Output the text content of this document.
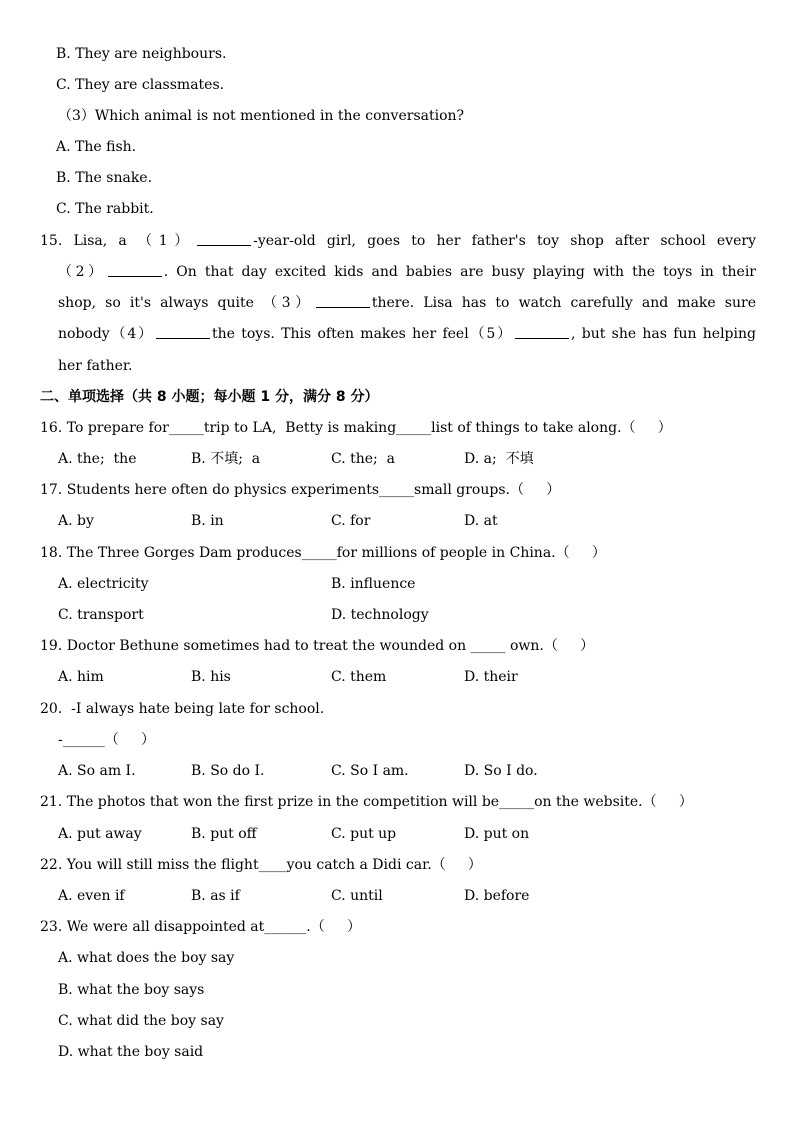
B. They are neighbours.
C. They are classmates.
（3）Which animal is not mentioned in the conversation?
A. The fish.
B. The snake.
C. The rabbit.
15. Lisa, a （1）	‑year‑old girl, goes to her father's toy shop after school every
（2）	. On that day excited kids and babies are busy playing with the toys in their
shop, so it's always quite （3）	there. Lisa has to watch carefully and make sure
nobody（4）	the toys. This often makes her feel（5）	, but she has fun helping
her father.
二、单项选择（共 8 小题；每小题 1 分，满分 8 分）
16. To prepare for_____trip to LA,  Betty is making_____list of things to take along.（     ）
A. the;  the	B. 不填;  a	C. the;  a	D. a;  不填
17. Students here often do physics experiments_____small groups.（     ）
A. by	B. in	C. for	D. at
18. The Three Gorges Dam produces_____for millions of people in China.（     ）
A. electricity	B. influence
C. transport	D. technology
19. Doctor Bethune sometimes had to treat the wounded on _____ own.（     ）
A. him	B. his	C. them	D. their
20.  ‑I always hate being late for school.
‑______（     ）
A. So am I.	B. So do I.	C. So I am.	D. So I do.
21. The photos that won the first prize in the competition will be_____on the website.（     ）
A. put away	B. put off	C. put up	D. put on
22. You will still miss the flight____you catch a Didi car.（     ）
A. even if	B. as if	C. until	D. before
23. We were all disappointed at______.（     ）
A. what does the boy say
B. what the boy says
C. what did the boy say
D. what the boy said
